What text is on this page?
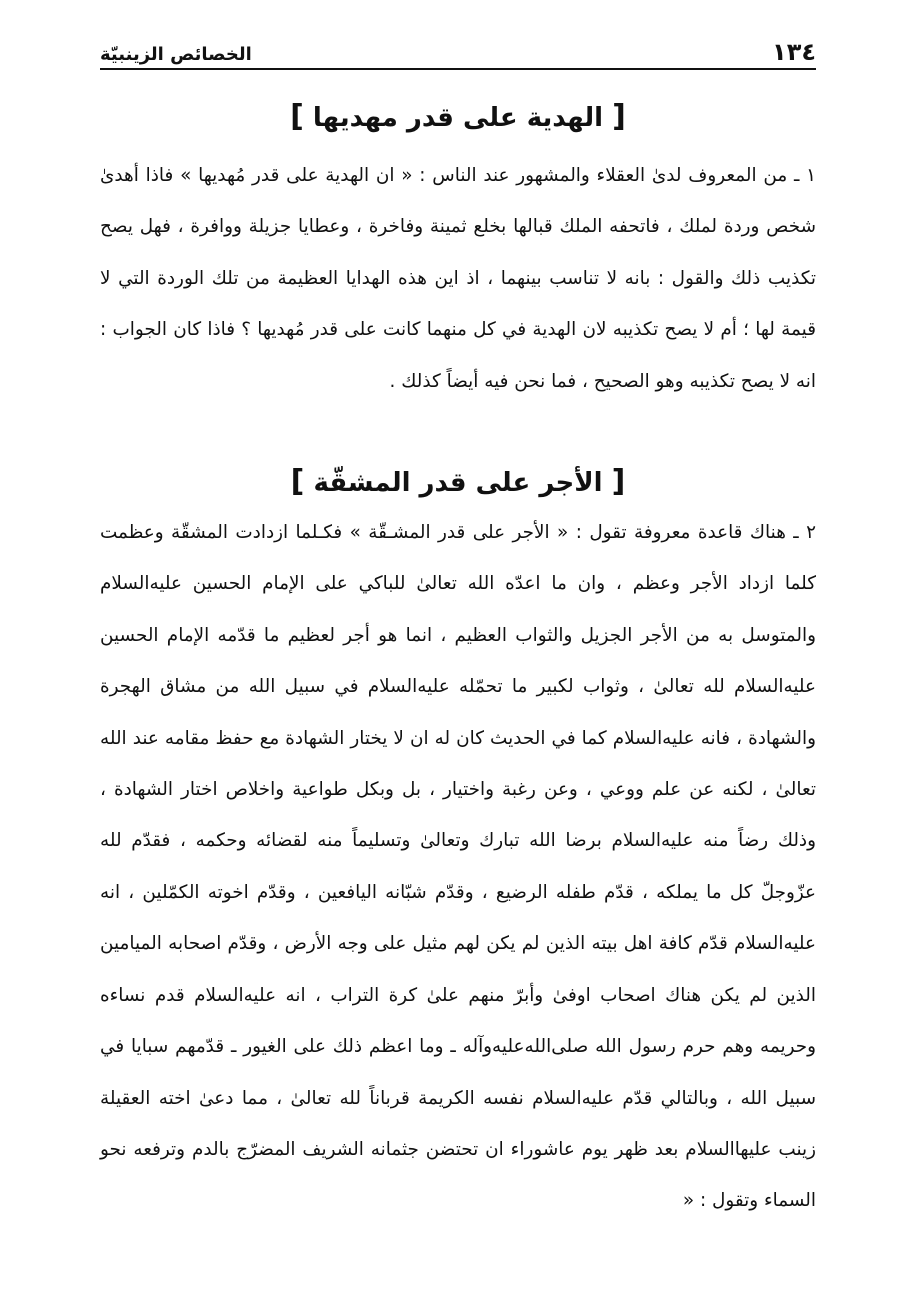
١٣٤
الخصائص الزينبيّة
[ الهدية على قدر مهديها ]

١ ـ من المعروف لدىٰ العقلاء والمشهور عند الناس : « ان الهدية على قدر مُهديها » فاذا أهدىٰ شخص وردة لملك ، فاتحفه الملك قبالها بخلع ثمينة وفاخرة ، وعطايا جزيلة ووافرة ، فهل يصح تكذيب ذلك والقول : بانه لا تناسب بينهما ، اذ اين هذه الهدايا العظيمة من تلك الوردة التي لا قيمة لها ؛ أم لا يصح تكذيبه لان الهدية في كل منهما كانت على قدر مُهديها ؟ فاذا كان الجواب : انه لا يصح تكذيبه وهو الصحيح ، فما نحن فيه أيضاً كذلك .

[ الأجر على قدر المشقّة ]

٢ ـ هناك قاعدة معروفة تقول : « الأجر على قدر المشـقّة » فكـلما ازدادت المشقّة وعظمت كلما ازداد الأجر وعظم ، وان ما اعدّه الله تعالىٰ للباكي على الإمام الحسين عليه‌السلام والمتوسل به من الأجر الجزيل والثواب العظيم ، انما هو أجر لعظيم ما قدّمه الإمام الحسين عليه‌السلام لله تعالىٰ ، وثواب لكبير ما تحمّله عليه‌السلام في سبيل الله من مشاق الهجرة والشهادة ، فانه عليه‌السلام كما في الحديث كان له ان لا يختار الشهادة مع حفظ مقامه عند الله تعالىٰ ، لكنه عن علم ووعي ، وعن رغبة واختيار ، بل وبكل طواعية واخلاص اختار الشهادة ، وذلك رضاً منه عليه‌السلام برضا الله تبارك وتعالىٰ وتسليماً منه لقضائه وحكمه ، فقدّم لله عزّوجلّ كل ما يملكه ، قدّم طفله الرضيع ، وقدّم شبّانه اليافعين ، وقدّم اخوته الكمّلين ، انه عليه‌السلام قدّم كافة اهل بيته الذين لم يكن لهم مثيل على وجه الأرض ، وقدّم اصحابه الميامين الذين لم يكن هناك اصحاب اوفىٰ وأبرّ منهم علىٰ كرة التراب ، انه عليه‌السلام قدم نساءه وحريمه وهم حرم رسول الله صلى‌الله‌عليه‌وآله ـ وما اعظم ذلك على الغيور ـ قدّمهم سبايا في سبيل الله ، وبالتالي قدّم عليه‌السلام نفسه الكريمة قرباناً لله تعالىٰ ، مما دعىٰ اخته العقيلة زينب عليها‌السلام بعد ظهر يوم عاشوراء ان تحتضن جثمانه الشريف المضرّج بالدم وترفعه نحو السماء وتقول : «
